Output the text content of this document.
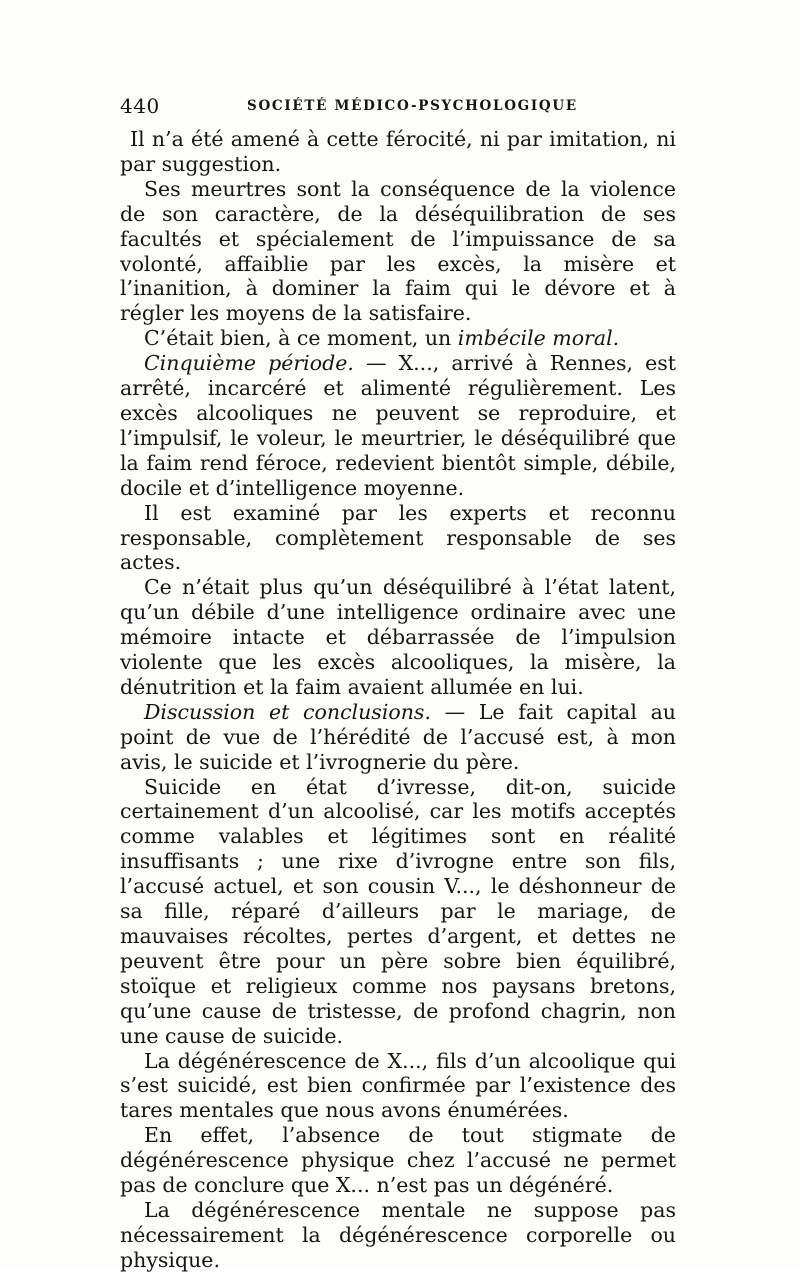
440	SOCIÉTÉ MÉDICO-PSYCHOLOGIQUE

Il n’a été amené à cette férocité, ni par imitation, ni par suggestion.

Ses meurtres sont la conséquence de la violence de son caractère, de la déséquilibration de ses facultés et spécialement de l’impuissance de sa volonté, affaiblie par les excès, la misère et l’inanition, à dominer la faim qui le dévore et à régler les moyens de la satisfaire.

C’était bien, à ce moment, un imbécile moral.

Cinquième période. — X..., arrivé à Rennes, est arrêté, incarcéré et alimenté régulièrement. Les excès alcooliques ne peuvent se reproduire, et l’impulsif, le voleur, le meurtrier, le déséquilibré que la faim rend féroce, redevient bientôt simple, débile, docile et d’intelligence moyenne.

Il est examiné par les experts et reconnu responsable, complètement responsable de ses actes.

Ce n’était plus qu’un déséquilibré à l’état latent, qu’un débile d’une intelligence ordinaire avec une mémoire intacte et débarrassée de l’impulsion violente que les excès alcooliques, la misère, la dénutrition et la faim avaient allumée en lui.

Discussion et conclusions. — Le fait capital au point de vue de l’hérédité de l’accusé est, à mon avis, le suicide et l’ivrognerie du père.

Suicide en état d’ivresse, dit-on, suicide certainement d’un alcoolisé, car les motifs acceptés comme valables et légitimes sont en réalité insuffisants ; une rixe d’ivrogne entre son fils, l’accusé actuel, et son cousin V..., le déshonneur de sa fille, réparé d’ailleurs par le mariage, de mauvaises récoltes, pertes d’argent, et dettes ne peuvent être pour un père sobre bien équilibré, stoïque et religieux comme nos paysans bretons, qu’une cause de tristesse, de profond chagrin, non une cause de suicide.

La dégénérescence de X..., fils d’un alcoolique qui s’est suicidé, est bien confirmée par l’existence des tares mentales que nous avons énumérées.

En effet, l’absence de tout stigmate de dégénérescence physique chez l’accusé ne permet pas de conclure que X... n’est pas un dégénéré.

La dégénérescence mentale ne suppose pas nécessairement la dégénérescence corporelle ou physique.
